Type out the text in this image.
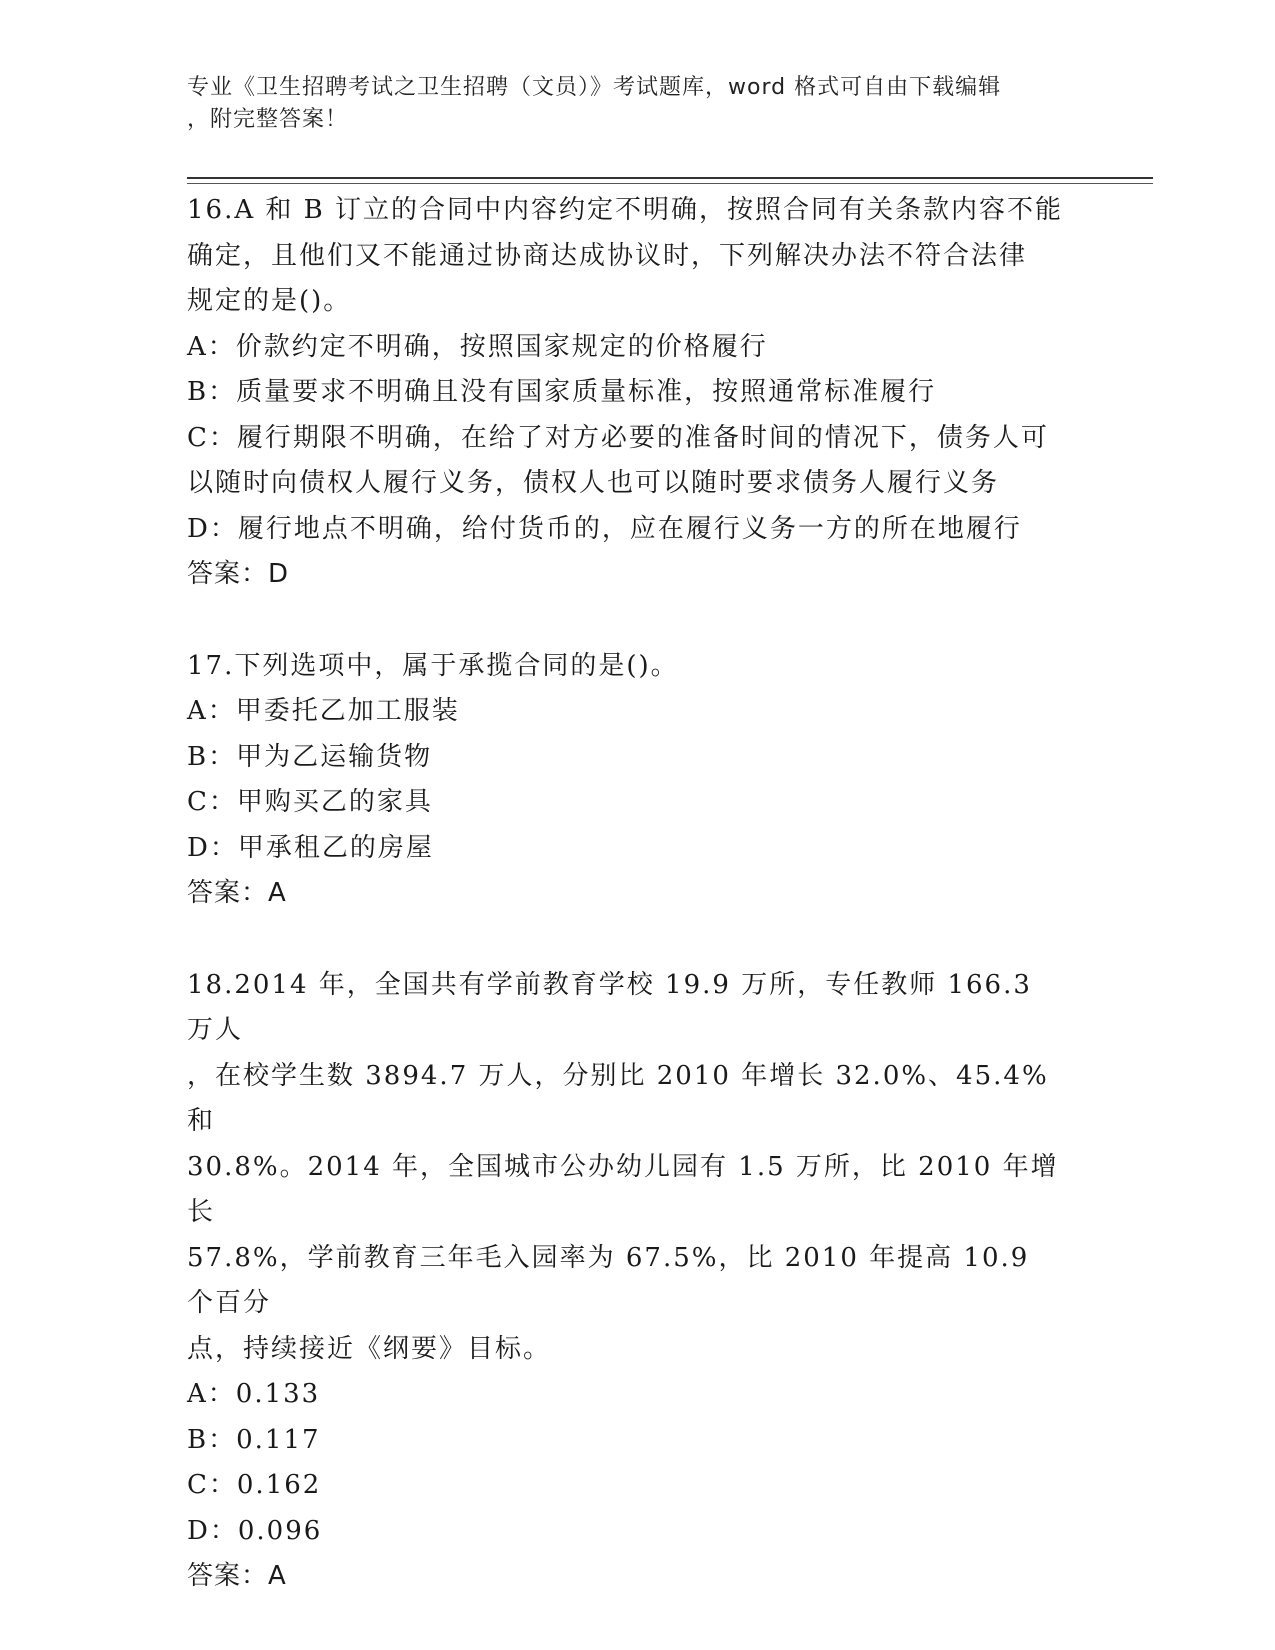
专业《卫生招聘考试之卫生招聘（文员）》考试题库，word 格式可自由下载编辑
，附完整答案！
16.A 和 B 订立的合同中内容约定不明确，按照合同有关条款内容不能
确定，且他们又不能通过协商达成协议时，下列解决办法不符合法律
规定的是()。
A：价款约定不明确，按照国家规定的价格履行
B：质量要求不明确且没有国家质量标准，按照通常标准履行
C：履行期限不明确，在给了对方必要的准备时间的情况下，债务人可
以随时向债权人履行义务，债权人也可以随时要求债务人履行义务
D：履行地点不明确，给付货币的，应在履行义务一方的所在地履行
答案：D
17.下列选项中，属于承揽合同的是()。
A：甲委托乙加工服装
B：甲为乙运输货物
C：甲购买乙的家具
D：甲承租乙的房屋
答案：A
18.2014 年，全国共有学前教育学校 19.9 万所，专任教师 166.3 万人
，在校学生数 3894.7 万人，分别比 2010 年增长 32.0%、45.4%和
30.8%。2014 年，全国城市公办幼儿园有 1.5 万所，比 2010 年增长
57.8%，学前教育三年毛入园率为 67.5%，比 2010 年提高 10.9 个百分
点，持续接近《纲要》目标。
A：0.133
B：0.117
C：0.162
D：0.096
答案：A
